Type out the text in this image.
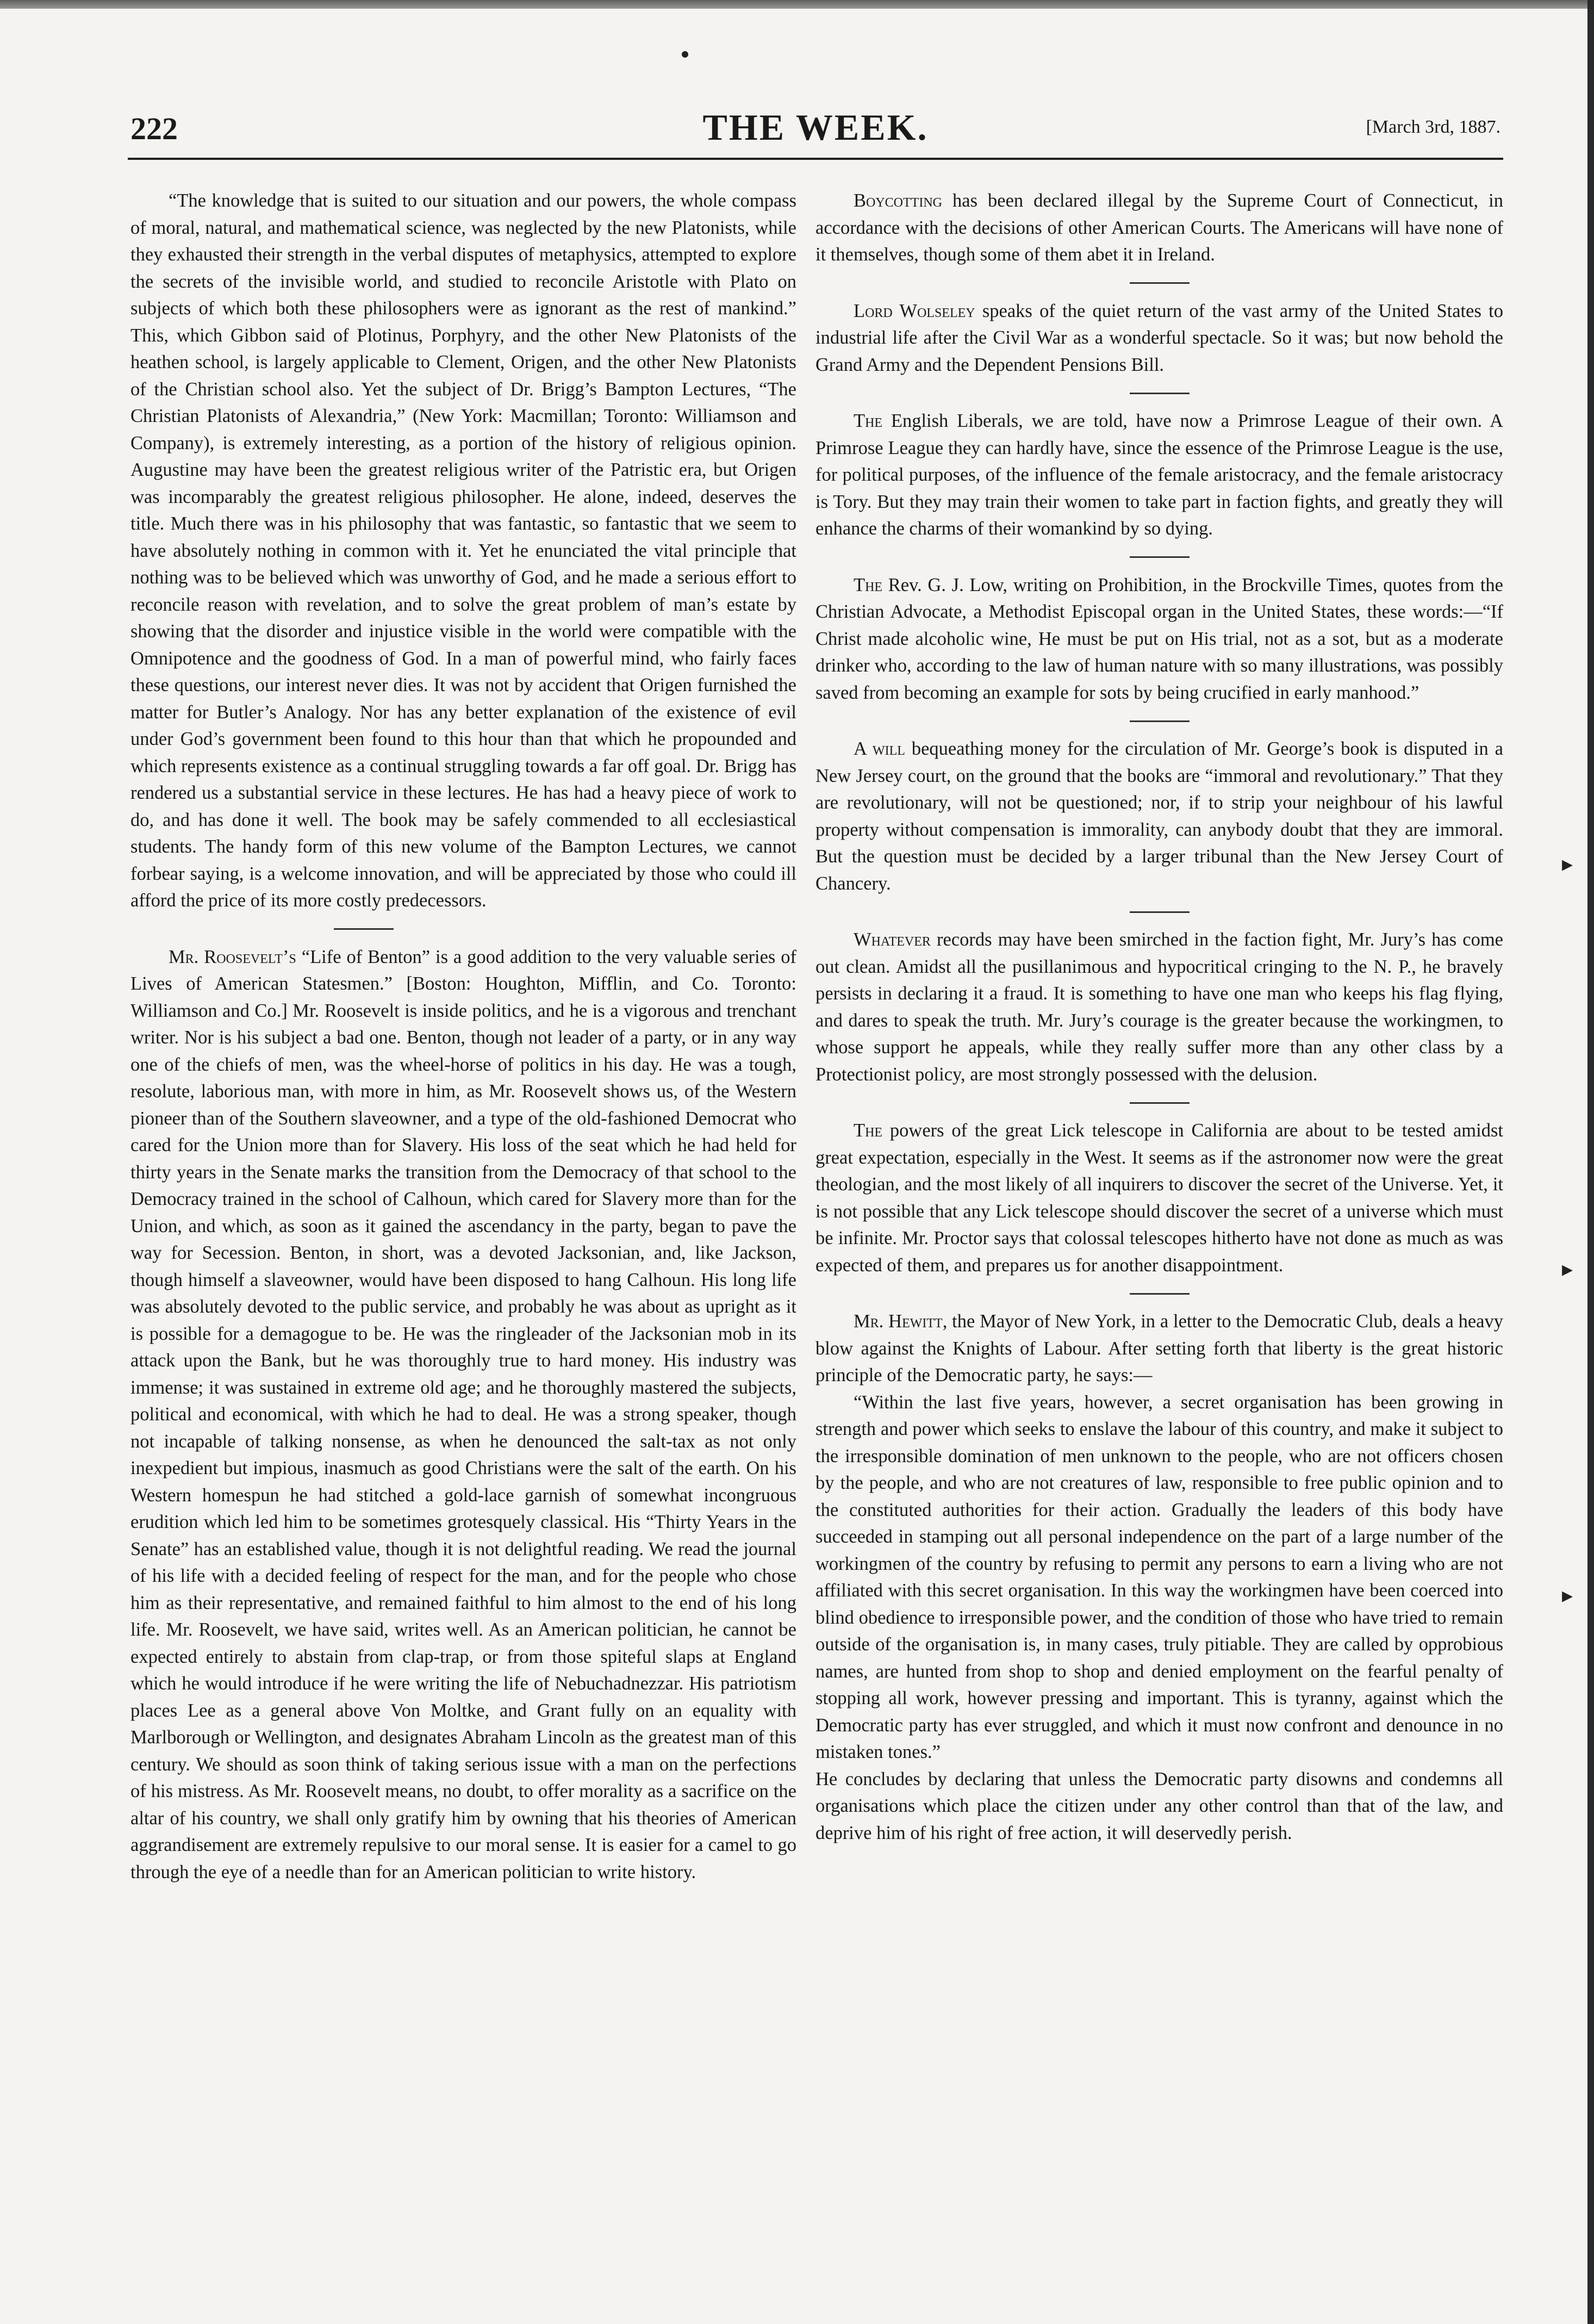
222	THE WEEK.	[March 3rd, 1887.

“The knowledge that is suited to our situation and our powers, the whole compass of moral, natural, and mathematical science, was neglected by the new Platonists, while they exhausted their strength in the verbal disputes of metaphysics, attempted to explore the secrets of the invisible world, and studied to reconcile Aristotle with Plato on subjects of which both these philosophers were as ignorant as the rest of mankind.” This, which Gibbon said of Plotinus, Porphyry, and the other New Platonists of the heathen school, is largely applicable to Clement, Origen, and the other New Platonists of the Christian school also. Yet the subject of Dr. Brigg’s Bampton Lectures, “The Christian Platonists of Alexandria,” (New York: Macmillan; Toronto: Williamson and Company), is extremely interesting, as a portion of the history of religious opinion. Augustine may have been the greatest religious writer of the Patristic era, but Origen was incomparably the greatest religious philosopher. He alone, indeed, deserves the title. Much there was in his philosophy that was fantastic, so fantastic that we seem to have absolutely nothing in common with it. Yet he enunciated the vital principle that nothing was to be believed which was unworthy of God, and he made a serious effort to reconcile reason with revelation, and to solve the great problem of man’s estate by showing that the disorder and injustice visible in the world were compatible with the Omnipotence and the goodness of God. In a man of powerful mind, who fairly faces these questions, our interest never dies. It was not by accident that Origen furnished the matter for Butler’s Analogy. Nor has any better explanation of the existence of evil under God’s government been found to this hour than that which he propounded and which represents existence as a continual struggling towards a far off goal. Dr. Brigg has rendered us a substantial service in these lectures. He has had a heavy piece of work to do, and has done it well. The book may be safely commended to all ecclesiastical students. The handy form of this new volume of the Bampton Lectures, we cannot forbear saying, is a welcome innovation, and will be appreciated by those who could ill afford the price of its more costly predecessors.

Mr. Roosevelt’s “Life of Benton” is a good addition to the very valuable series of Lives of American Statesmen.” [Boston: Houghton, Mifflin, and Co. Toronto: Williamson and Co.] Mr. Roosevelt is inside politics, and he is a vigorous and trenchant writer. Nor is his subject a bad one. Benton, though not leader of a party, or in any way one of the chiefs of men, was the wheel-horse of politics in his day. He was a tough, resolute, laborious man, with more in him, as Mr. Roosevelt shows us, of the Western pioneer than of the Southern slaveowner, and a type of the old-fashioned Democrat who cared for the Union more than for Slavery. His loss of the seat which he had held for thirty years in the Senate marks the transition from the Democracy of that school to the Democracy trained in the school of Calhoun, which cared for Slavery more than for the Union, and which, as soon as it gained the ascendancy in the party, began to pave the way for Secession. Benton, in short, was a devoted Jacksonian, and, like Jackson, though himself a slaveowner, would have been disposed to hang Calhoun. His long life was absolutely devoted to the public service, and probably he was about as upright as it is possible for a demagogue to be. He was the ringleader of the Jacksonian mob in its attack upon the Bank, but he was thoroughly true to hard money. His industry was immense; it was sustained in extreme old age; and he thoroughly mastered the subjects, political and economical, with which he had to deal. He was a strong speaker, though not incapable of talking nonsense, as when he denounced the salt-tax as not only inexpedient but impious, inasmuch as good Christians were the salt of the earth. On his Western homespun he had stitched a gold-lace garnish of somewhat incongruous erudition which led him to be sometimes grotesquely classical. His “Thirty Years in the Senate” has an established value, though it is not delightful reading. We read the journal of his life with a decided feeling of respect for the man, and for the people who chose him as their representative, and remained faithful to him almost to the end of his long life. Mr. Roosevelt, we have said, writes well. As an American politician, he cannot be expected entirely to abstain from clap-trap, or from those spiteful slaps at England which he would introduce if he were writing the life of Nebuchadnezzar. His patriotism places Lee as a general above Von Moltke, and Grant fully on an equality with Marlborough or Wellington, and designates Abraham Lincoln as the greatest man of this century. We should as soon think of taking serious issue with a man on the perfections of his mistress. As Mr. Roosevelt means, no doubt, to offer morality as a sacrifice on the altar of his country, we shall only gratify him by owning that his theories of American aggrandisement are extremely repulsive to our moral sense. It is easier for a camel to go through the eye of a needle than for an American politician to write history.

Boycotting has been declared illegal by the Supreme Court of Connecticut, in accordance with the decisions of other American Courts. The Americans will have none of it themselves, though some of them abet it in Ireland.

Lord Wolseley speaks of the quiet return of the vast army of the United States to industrial life after the Civil War as a wonderful spectacle. So it was; but now behold the Grand Army and the Dependent Pensions Bill.

The English Liberals, we are told, have now a Primrose League of their own. A Primrose League they can hardly have, since the essence of the Primrose League is the use, for political purposes, of the influence of the female aristocracy, and the female aristocracy is Tory. But they may train their women to take part in faction fights, and greatly they will enhance the charms of their womankind by so dying.

The Rev. G. J. Low, writing on Prohibition, in the Brockville Times, quotes from the Christian Advocate, a Methodist Episcopal organ in the United States, these words:—“If Christ made alcoholic wine, He must be put on His trial, not as a sot, but as a moderate drinker who, according to the law of human nature with so many illustrations, was possibly saved from becoming an example for sots by being crucified in early manhood.”

A will bequeathing money for the circulation of Mr. George’s book is disputed in a New Jersey court, on the ground that the books are “immoral and revolutionary.” That they are revolutionary, will not be questioned; nor, if to strip your neighbour of his lawful property without compensation is immorality, can anybody doubt that they are immoral. But the question must be decided by a larger tribunal than the New Jersey Court of Chancery.

Whatever records may have been smirched in the faction fight, Mr. Jury’s has come out clean. Amidst all the pusillanimous and hypocritical cringing to the N. P., he bravely persists in declaring it a fraud. It is something to have one man who keeps his flag flying, and dares to speak the truth. Mr. Jury’s courage is the greater because the workingmen, to whose support he appeals, while they really suffer more than any other class by a Protectionist policy, are most strongly possessed with the delusion.

The powers of the great Lick telescope in California are about to be tested amidst great expectation, especially in the West. It seems as if the astronomer now were the great theologian, and the most likely of all inquirers to discover the secret of the Universe. Yet, it is not possible that any Lick telescope should discover the secret of a universe which must be infinite. Mr. Proctor says that colossal telescopes hitherto have not done as much as was expected of them, and prepares us for another disappointment.

Mr. Hewitt, the Mayor of New York, in a letter to the Democratic Club, deals a heavy blow against the Knights of Labour. After setting forth that liberty is the great historic principle of the Democratic party, he says:—

“Within the last five years, however, a secret organisation has been growing in strength and power which seeks to enslave the labour of this country, and make it subject to the irresponsible domination of men unknown to the people, who are not officers chosen by the people, and who are not creatures of law, responsible to free public opinion and to the constituted authorities for their action. Gradually the leaders of this body have succeeded in stamping out all personal independence on the part of a large number of the workingmen of the country by refusing to permit any persons to earn a living who are not affiliated with this secret organisation. In this way the workingmen have been coerced into blind obedience to irresponsible power, and the condition of those who have tried to remain outside of the organisation is, in many cases, truly pitiable. They are called by opprobious names, are hunted from shop to shop and denied employment on the fearful penalty of stopping all work, however pressing and important. This is tyranny, against which the Democratic party has ever struggled, and which it must now confront and denounce in no mistaken tones.”

He concludes by declaring that unless the Democratic party disowns and condemns all organisations which place the citizen under any other control than that of the law, and deprive him of his right of free action, it will deservedly perish.

▸
▸
▸
